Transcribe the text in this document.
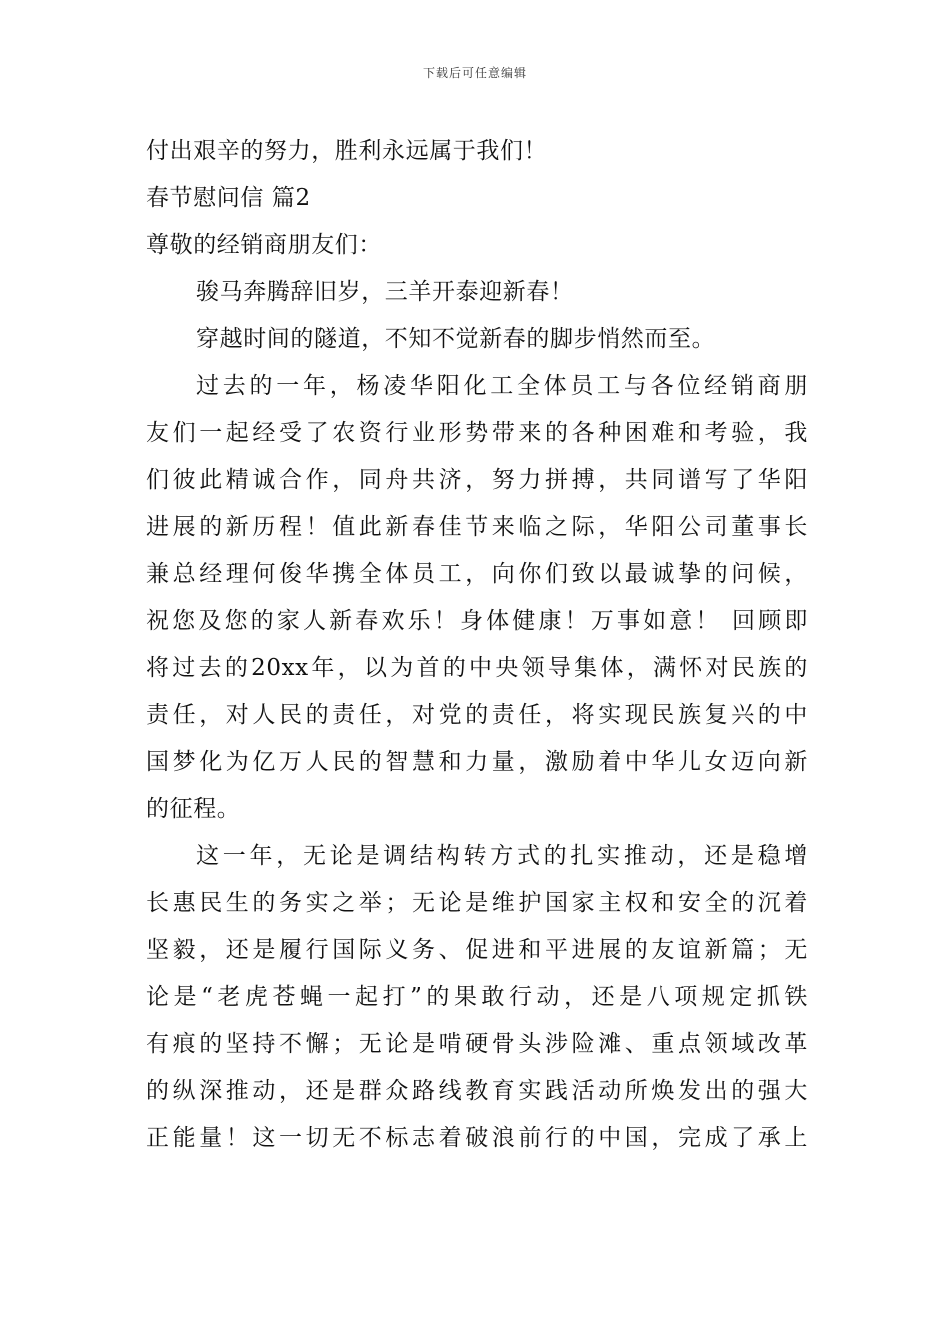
下载后可任意编辑
付出艰辛的努力，胜利永远属于我们！
春节慰问信 篇2
尊敬的经销商朋友们：
骏马奔腾辞旧岁，三羊开泰迎新春！
穿越时间的隧道，不知不觉新春的脚步悄然而至。
过去的一年，杨凌华阳化工全体员工与各位经销商朋
友们一起经受了农资行业形势带来的各种困难和考验，我
们彼此精诚合作，同舟共济，努力拼搏，共同谱写了华阳
进展的新历程！值此新春佳节来临之际，华阳公司董事长
兼总经理何俊华携全体员工，向你们致以最诚挚的问候，
祝您及您的家人新春欢乐！身体健康！万事如意！ 回顾即
将过去的20xx年，以为首的中央领导集体，满怀对民族的
责任，对人民的责任，对党的责任，将实现民族复兴的中
国梦化为亿万人民的智慧和力量，激励着中华儿女迈向新
的征程。
这一年，无论是调结构转方式的扎实推动，还是稳增
长惠民生的务实之举；无论是维护国家主权和安全的沉着
坚毅，还是履行国际义务、促进和平进展的友谊新篇；无
论是“老虎苍蝇一起打”的果敢行动，还是八项规定抓铁
有痕的坚持不懈；无论是啃硬骨头涉险滩、重点领域改革
的纵深推动，还是群众路线教育实践活动所焕发出的强大
正能量！这一切无不标志着破浪前行的中国，完成了承上
